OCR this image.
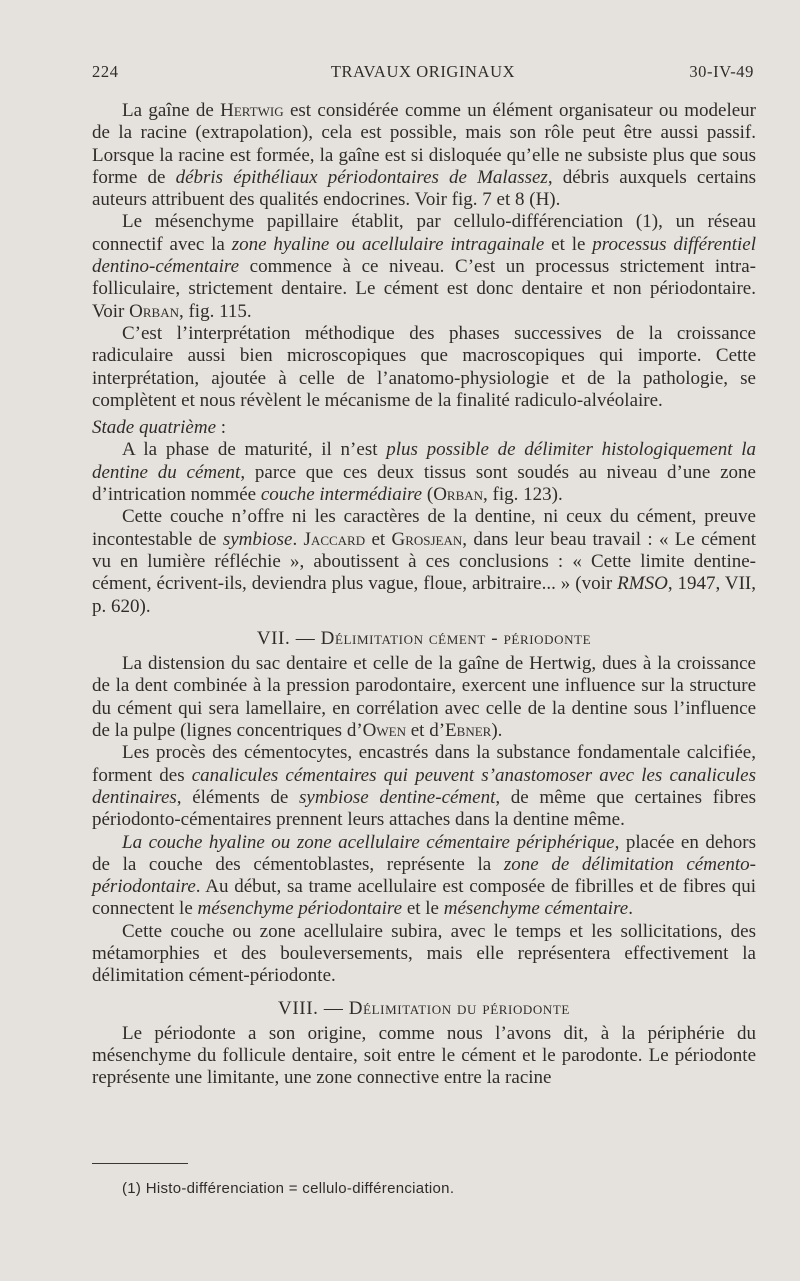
224	TRAVAUX ORIGINAUX	30-IV-49

La gaîne de Hertwig est considérée comme un élément organisateur ou modeleur de la racine (extrapolation), cela est possible, mais son rôle peut être aussi passif. Lorsque la racine est formée, la gaîne est si disloquée qu’elle ne subsiste plus que sous forme de débris épithéliaux périodontaires de Malassez, débris auxquels certains auteurs attribuent des qualités endocrines. Voir fig. 7 et 8 (H).

Le mésenchyme papillaire établit, par cellulo-différenciation (1), un réseau connectif avec la zone hyaline ou acellulaire intragainale et le processus différentiel dentino-cémentaire commence à ce niveau. C’est un processus strictement intra-folliculaire, strictement dentaire. Le cément est donc dentaire et non périodontaire. Voir Orban, fig. 115.

C’est l’interprétation méthodique des phases successives de la croissance radiculaire aussi bien microscopiques que macroscopiques qui importe. Cette interprétation, ajoutée à celle de l’anatomo-physiologie et de la pathologie, se complètent et nous révèlent le mécanisme de la finalité radiculo-alvéolaire.

Stade quatrième :

A la phase de maturité, il n’est plus possible de délimiter histologiquement la dentine du cément, parce que ces deux tissus sont soudés au niveau d’une zone d’intrication nommée couche intermédiaire (Orban, fig. 123).

Cette couche n’offre ni les caractères de la dentine, ni ceux du cément, preuve incontestable de symbiose. Jaccard et Grosjean, dans leur beau travail : « Le cément vu en lumière réfléchie », aboutissent à ces conclusions : « Cette limite dentine-cément, écrivent-ils, deviendra plus vague, floue, arbitraire... » (voir RMSO, 1947, VII, p. 620).

VII. — Délimitation cément - périodonte

La distension du sac dentaire et celle de la gaîne de Hertwig, dues à la croissance de la dent combinée à la pression parodontaire, exercent une influence sur la structure du cément qui sera lamellaire, en corrélation avec celle de la dentine sous l’influence de la pulpe (lignes concentriques d’Owen et d’Ebner).

Les procès des cémentocytes, encastrés dans la substance fondamentale calcifiée, forment des canalicules cémentaires qui peuvent s’anastomoser avec les canalicules dentinaires, éléments de symbiose dentine-cément, de même que certaines fibres périodonto-cémentaires prennent leurs attaches dans la dentine même.

La couche hyaline ou zone acellulaire cémentaire périphérique, placée en dehors de la couche des cémentoblastes, représente la zone de délimitation cémento-périodontaire. Au début, sa trame acellulaire est composée de fibrilles et de fibres qui connectent le mésenchyme périodontaire et le mésenchyme cémentaire.

Cette couche ou zone acellulaire subira, avec le temps et les sollicitations, des métamorphies et des bouleversements, mais elle représentera effectivement la délimitation cément-périodonte.

VIII. — Délimitation du périodonte

Le périodonte a son origine, comme nous l’avons dit, à la périphérie du mésenchyme du follicule dentaire, soit entre le cément et le parodonte. Le périodonte représente une limitante, une zone connective entre la racine

(1) Histo-différenciation = cellulo-différenciation.
